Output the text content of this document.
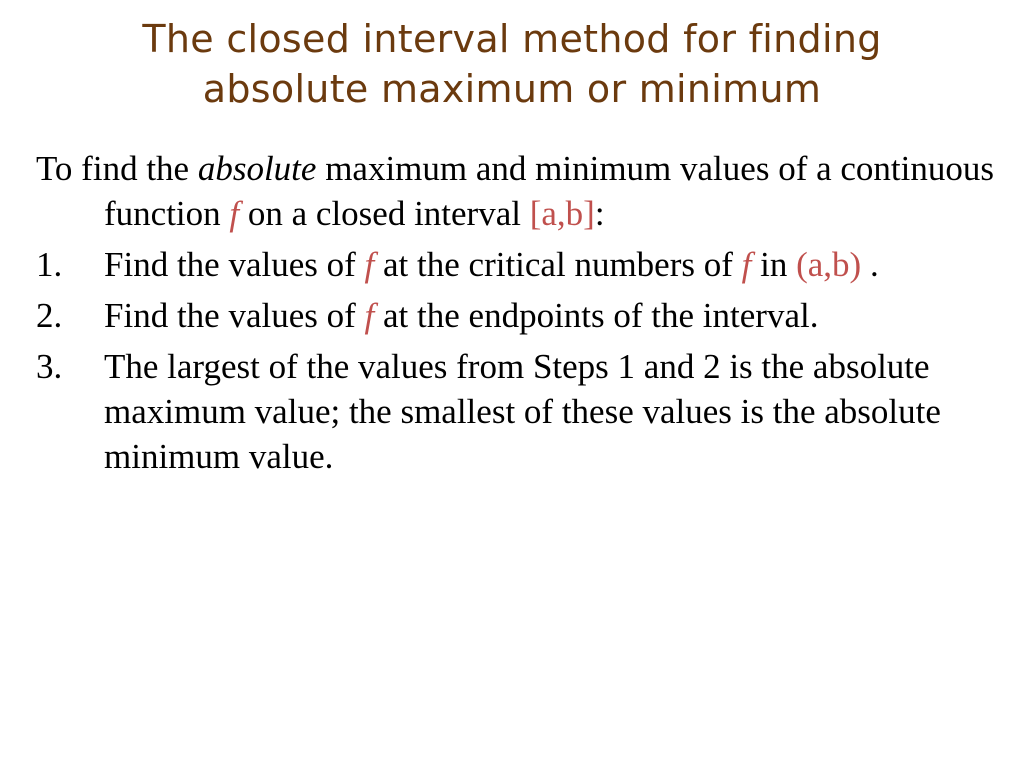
The closed interval method for finding
absolute maximum or minimum
To find the absolute maximum and minimum values of a continuous function f on a closed interval [a,b]:
1.	Find the values of f at the critical numbers of f in (a,b) .
2.	Find the values of f at the endpoints of the interval.
3.	The largest of the values from Steps 1 and 2 is the absolute maximum value; the smallest of these values is the absolute minimum value.
